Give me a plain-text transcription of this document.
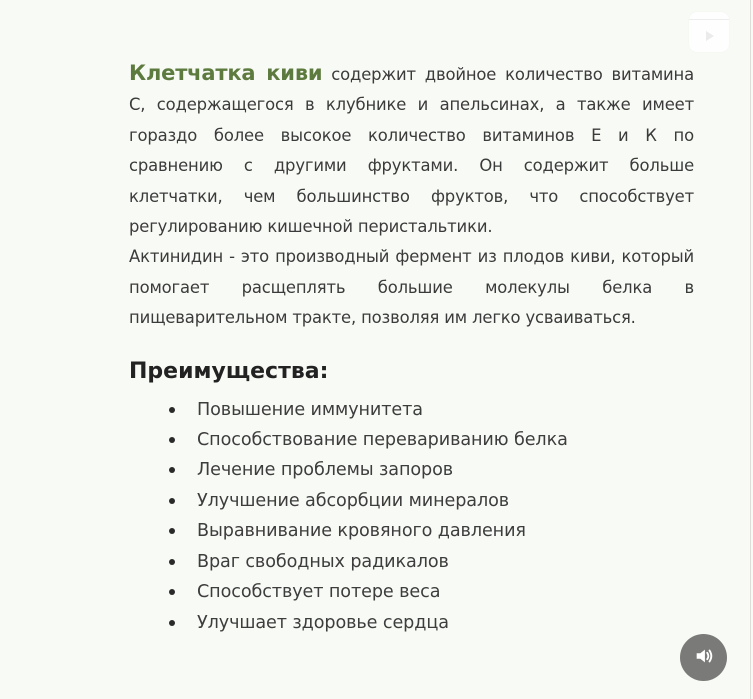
Клетчатка киви содержит двойное количество витамина С, содержащегося в клубнике и апельсинах, а также имеет гораздо более высокое количество витаминов Е и К по сравнению с другими фруктами. Он содержит больше клетчатки, чем большинство фруктов, что способствует регулированию кишечной перистальтики.

Актинидин - это производный фермент из плодов киви, который помогает расщеплять большие молекулы белка в пищеварительном тракте, позволяя им легко усваиваться.

Преимущества:
Повышение иммунитета
Способствование перевариванию белка
Лечение проблемы запоров
Улучшение абсорбции минералов
Выравнивание кровяного давления
Враг свободных радикалов
Способствует потере веса
Улучшает здоровье сердца
